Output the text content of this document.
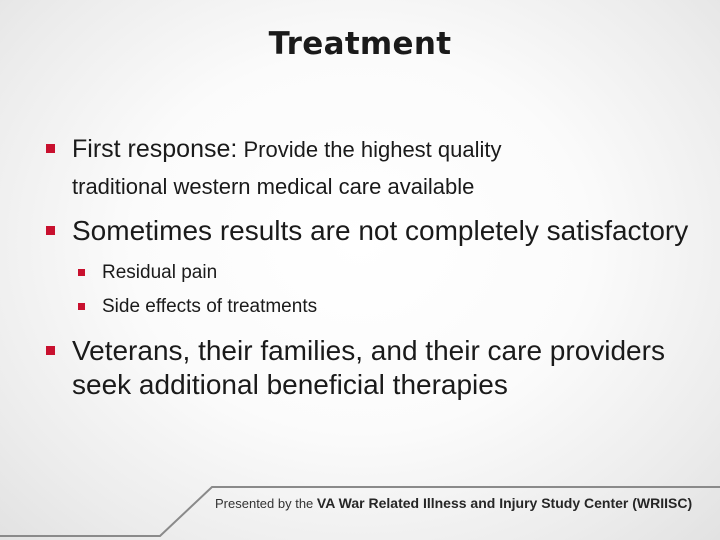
Treatment
First response: Provide the highest quality
traditional western medical care available
Sometimes results are not completely satisfactory
Residual pain
Side effects of treatments
Veterans, their families, and their care providers seek additional beneficial therapies
Presented by the VA War Related Illness and Injury Study Center (WRIISC)
